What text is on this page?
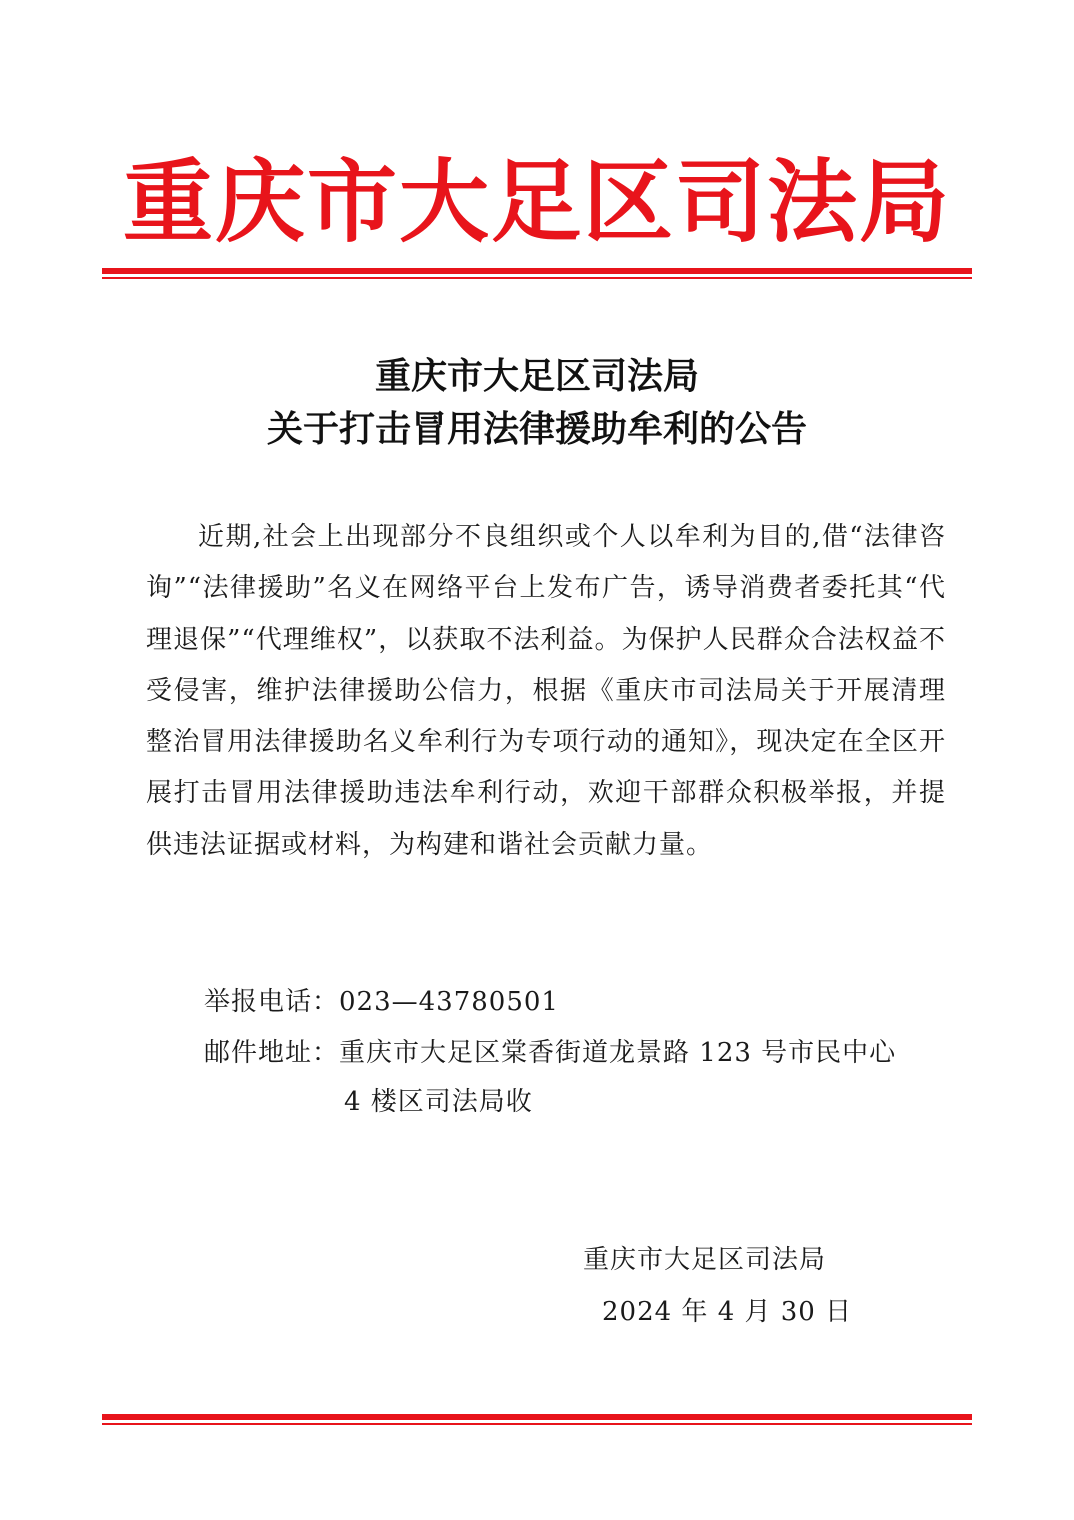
重庆市大足区司法局
重庆市大足区司法局
关于打击冒用法律援助牟利的公告
近期,社会上出现部分不良组织或个人以牟利为目的,借“法律咨询”“法律援助”名义在网络平台上发布广告，诱导消费者委托其“代理退保”“代理维权”，以获取不法利益。为保护人民群众合法权益不受侵害，维护法律援助公信力，根据《重庆市司法局关于开展清理整治冒用法律援助名义牟利行为专项行动的通知》，现决定在全区开展打击冒用法律援助违法牟利行动，欢迎干部群众积极举报，并提供违法证据或材料，为构建和谐社会贡献力量。
举报电话：023—43780501
邮件地址：重庆市大足区棠香街道龙景路 123 号市民中心
4 楼区司法局收
重庆市大足区司法局
2024 年 4 月 30 日
